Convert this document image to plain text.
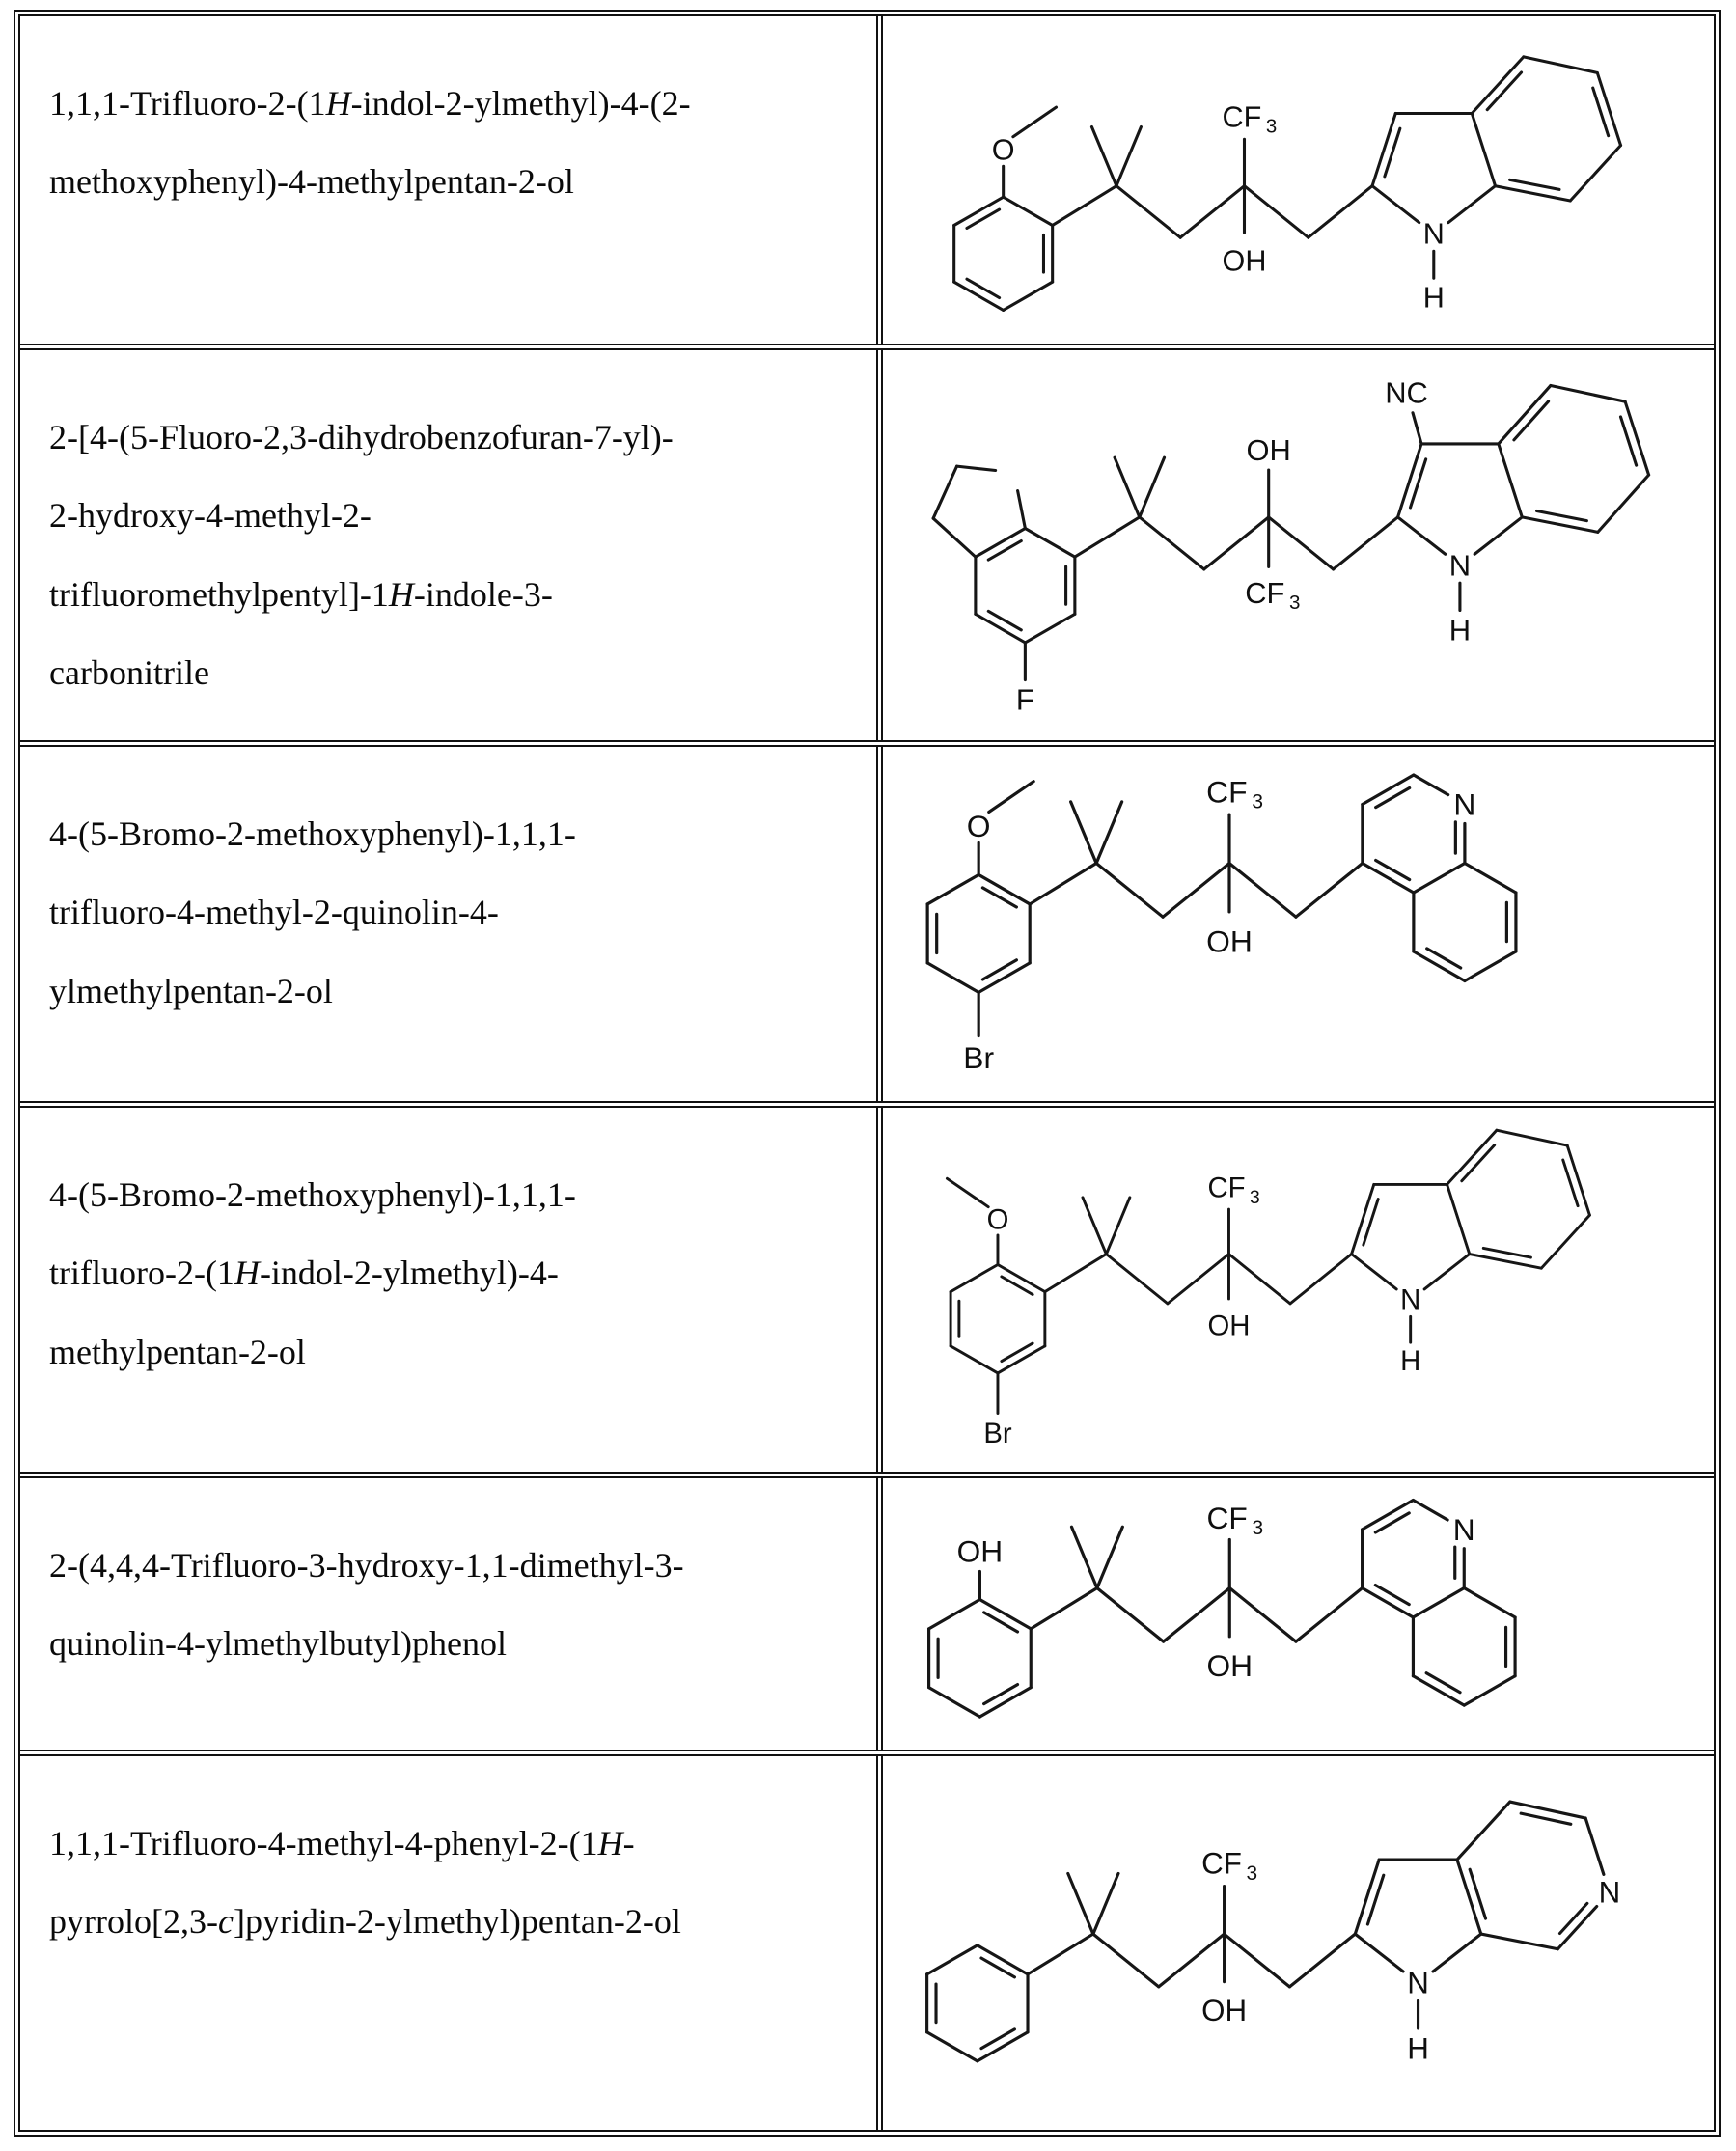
1,1,1-Trifluoro-2-(1H-indol-2-ylmethyl)-4-(2-
methoxyphenyl)-4-methylpentan-2-ol
O
CF 3
OH
N
H
2-[4-(5-Fluoro-2,3-dihydrobenzofuran-7-yl)-
2-hydroxy-4-methyl-2-
trifluoromethylpentyl]-1H-indole-3-
carbonitrile
F
OH
CF 3
NC
N
H
4-(5-Bromo-2-methoxyphenyl)-1,1,1-
trifluoro-4-methyl-2-quinolin-4-
ylmethylpentan-2-ol
O
Br
CF 3
OH
N
4-(5-Bromo-2-methoxyphenyl)-1,1,1-
trifluoro-2-(1H-indol-2-ylmethyl)-4-
methylpentan-2-ol
O
Br
CF 3
OH
N
H
2-(4,4,4-Trifluoro-3-hydroxy-1,1-dimethyl-3-
quinolin-4-ylmethylbutyl)phenol
OH
CF 3
OH
N
1,1,1-Trifluoro-4-methyl-4-phenyl-2-(1H-
pyrrolo[2,3-c]pyridin-2-ylmethyl)pentan-2-ol
CF 3
OH
N
H
N
